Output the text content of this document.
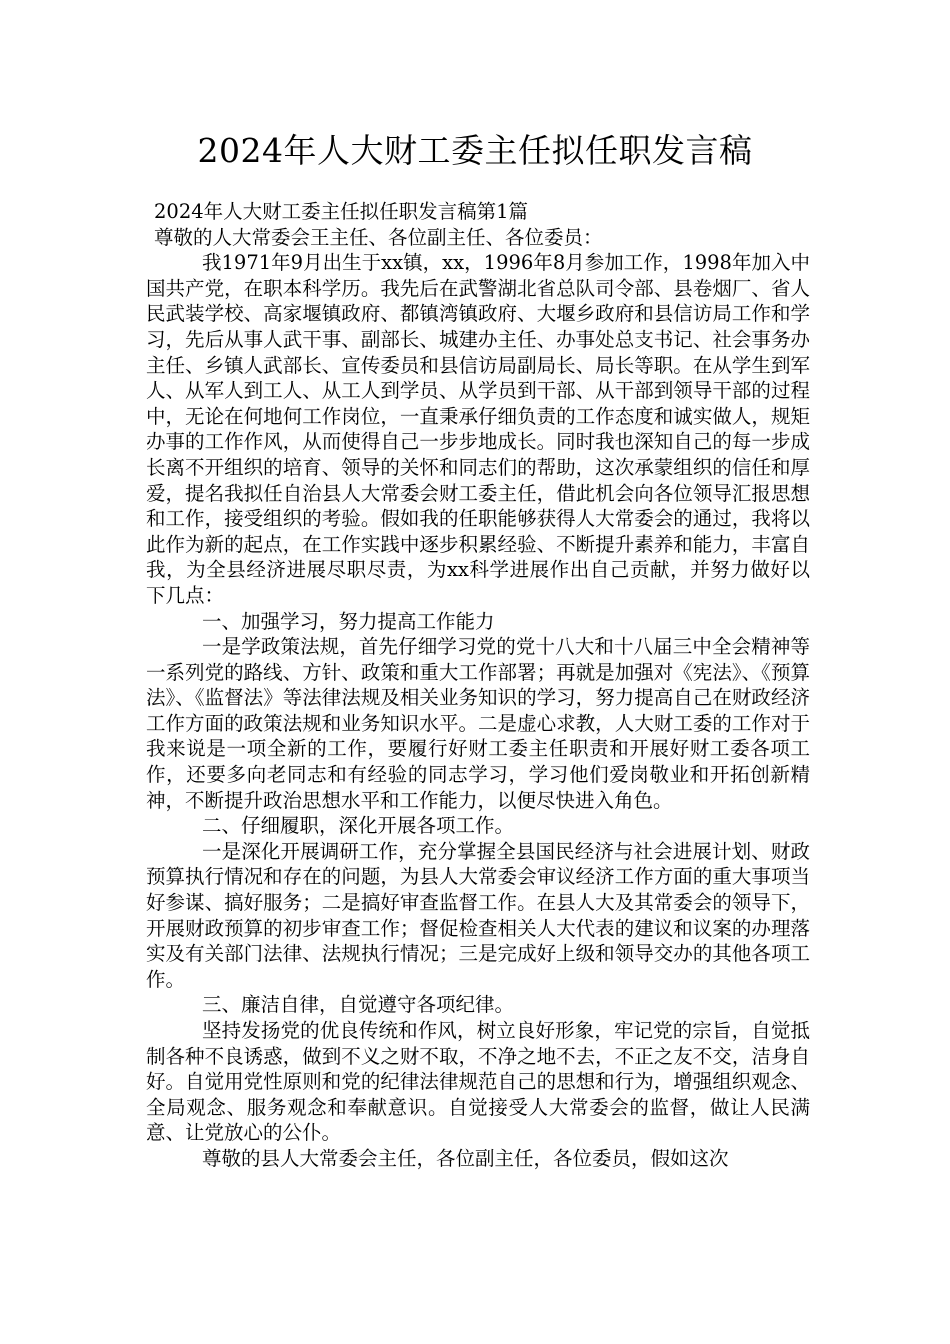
2024年人大财工委主任拟任职发言稿

2024年人大财工委主任拟任职发言稿第1篇

尊敬的人大常委会王主任、各位副主任、各位委员：

我1971年9月出生于xx镇，xx，1996年8月参加工作，1998年加入中国共产党，在职本科学历。我先后在武警湖北省总队司令部、县卷烟厂、省人民武装学校、高家堰镇政府、都镇湾镇政府、大堰乡政府和县信访局工作和学习，先后从事人武干事、副部长、城建办主任、办事处总支书记、社会事务办主任、乡镇人武部长、宣传委员和县信访局副局长、局长等职。在从学生到军人、从军人到工人、从工人到学员、从学员到干部、从干部到领导干部的过程中，无论在何地何工作岗位，一直秉承仔细负责的工作态度和诚实做人，规矩办事的工作作风，从而使得自己一步步地成长。同时我也深知自己的每一步成长离不开组织的培育、领导的关怀和同志们的帮助，这次承蒙组织的信任和厚爱，提名我拟任自治县人大常委会财工委主任，借此机会向各位领导汇报思想和工作，接受组织的考验。假如我的任职能够获得人大常委会的通过，我将以此作为新的起点，在工作实践中逐步积累经验、不断提升素养和能力，丰富自我，为全县经济进展尽职尽责，为xx科学进展作出自己贡献，并努力做好以下几点：

一、加强学习，努力提高工作能力

一是学政策法规，首先仔细学习党的党十八大和十八届三中全会精神等一系列党的路线、方针、政策和重大工作部署；再就是加强对《宪法》、《预算法》、《监督法》等法律法规及相关业务知识的学习，努力提高自己在财政经济工作方面的政策法规和业务知识水平。二是虚心求教，人大财工委的工作对于我来说是一项全新的工作，要履行好财工委主任职责和开展好财工委各项工作，还要多向老同志和有经验的同志学习，学习他们爱岗敬业和开拓创新精神，不断提升政治思想水平和工作能力，以便尽快进入角色。

二、仔细履职，深化开展各项工作。

一是深化开展调研工作，充分掌握全县国民经济与社会进展计划、财政预算执行情况和存在的问题，为县人大常委会审议经济工作方面的重大事项当好参谋、搞好服务；二是搞好审查监督工作。在县人大及其常委会的领导下，开展财政预算的初步审查工作；督促检查相关人大代表的建议和议案的办理落实及有关部门法律、法规执行情况；三是完成好上级和领导交办的其他各项工作。

三、廉洁自律，自觉遵守各项纪律。

坚持发扬党的优良传统和作风，树立良好形象，牢记党的宗旨，自觉抵制各种不良诱惑，做到不义之财不取，不净之地不去，不正之友不交，洁身自好。自觉用党性原则和党的纪律法律规范自己的思想和行为，增强组织观念、全局观念、服务观念和奉献意识。自觉接受人大常委会的监督，做让人民满意、让党放心的公仆。

尊敬的县人大常委会主任，各位副主任，各位委员，假如这次
